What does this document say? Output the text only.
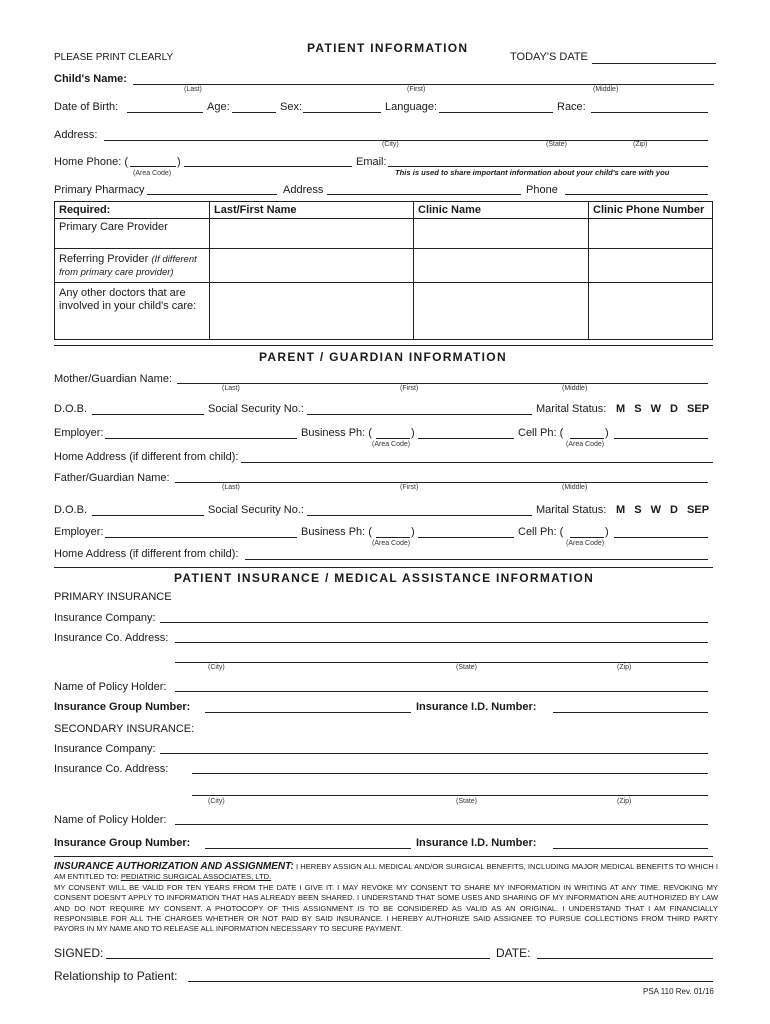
PLEASE PRINT CLEARLY
PATIENT INFORMATION
TODAY'S DATE
Child's Name:
(Last)	(First)	(Middle)
Date of Birth:	Age:	Sex:	Language:	Race:
Address:
(City)	(State)	(Zip)
Home Phone: (	)
(Area Code)
Email:
This is used to share important information about your child's care with you
Primary Pharmacy	Address	Phone
Required:	Last/First Name	Clinic Name	Clinic Phone Number
Primary Care Provider			
Referring Provider (If different
from primary care provider)			
Any other doctors that are
involved in your child's care:			
PARENT / GUARDIAN INFORMATION
Mother/Guardian Name:
(Last)	(First)	(Middle)
D.O.B.	Social Security No.:	Marital Status: M S W D SEP
Employer:	Business Ph: (	)
(Area Code)
Cell Ph: (	)
(Area Code)
Home Address (if different from child):
Father/Guardian Name:
(Last)	(First)	(Middle)
D.O.B.	Social Security No.:	Marital Status: M S W D SEP
Employer:	Business Ph: (	)
(Area Code)
Cell Ph: (	)
(Area Code)
Home Address (if different from child):
PATIENT INSURANCE / MEDICAL ASSISTANCE INFORMATION
PRIMARY INSURANCE
Insurance Company:
Insurance Co. Address:
(City)	(State)	(Zip)
Name of Policy Holder:
Insurance Group Number:	Insurance I.D. Number:
SECONDARY INSURANCE:
Insurance Company:
Insurance Co. Address:
(City)	(State)	(Zip)
Name of Policy Holder:
Insurance Group Number:	Insurance I.D. Number:
INSURANCE AUTHORIZATION AND ASSIGNMENT: I HEREBY ASSIGN ALL MEDICAL AND/OR SURGICAL BENEFITS, INCLUDING MAJOR MEDICAL BENEFITS TO WHICH I AM ENTITLED TO: PEDIATRIC SURGICAL ASSOCIATES, LTD.
MY CONSENT WILL BE VALID FOR TEN YEARS FROM THE DATE I GIVE IT. I MAY REVOKE MY CONSENT TO SHARE MY INFORMATION IN WRITING AT ANY TIME. REVOKING MY CONSENT DOESN'T APPLY TO INFORMATION THAT HAS ALREADY BEEN SHARED. I UNDERSTAND THAT SOME USES AND SHARING OF MY INFORMATION ARE AUTHORIZED BY LAW AND DO NOT REQUIRE MY CONSENT. A PHOTOCOPY OF THIS ASSIGNMENT IS TO BE CONSIDERED AS VALID AS AN ORIGINAL. I UNDERSTAND THAT I AM FINANCIALLY RESPONSIBLE FOR ALL THE CHARGES WHETHER OR NOT PAID BY SAID INSURANCE. I HEREBY AUTHORIZE SAID ASSIGNEE TO PURSUE COLLECTIONS FROM THIRD PARTY PAYORS IN MY NAME AND TO RELEASE ALL INFORMATION NECESSARY TO SECURE PAYMENT.
SIGNED:	DATE:
Relationship to Patient:
PSA 110 Rev. 01/16
